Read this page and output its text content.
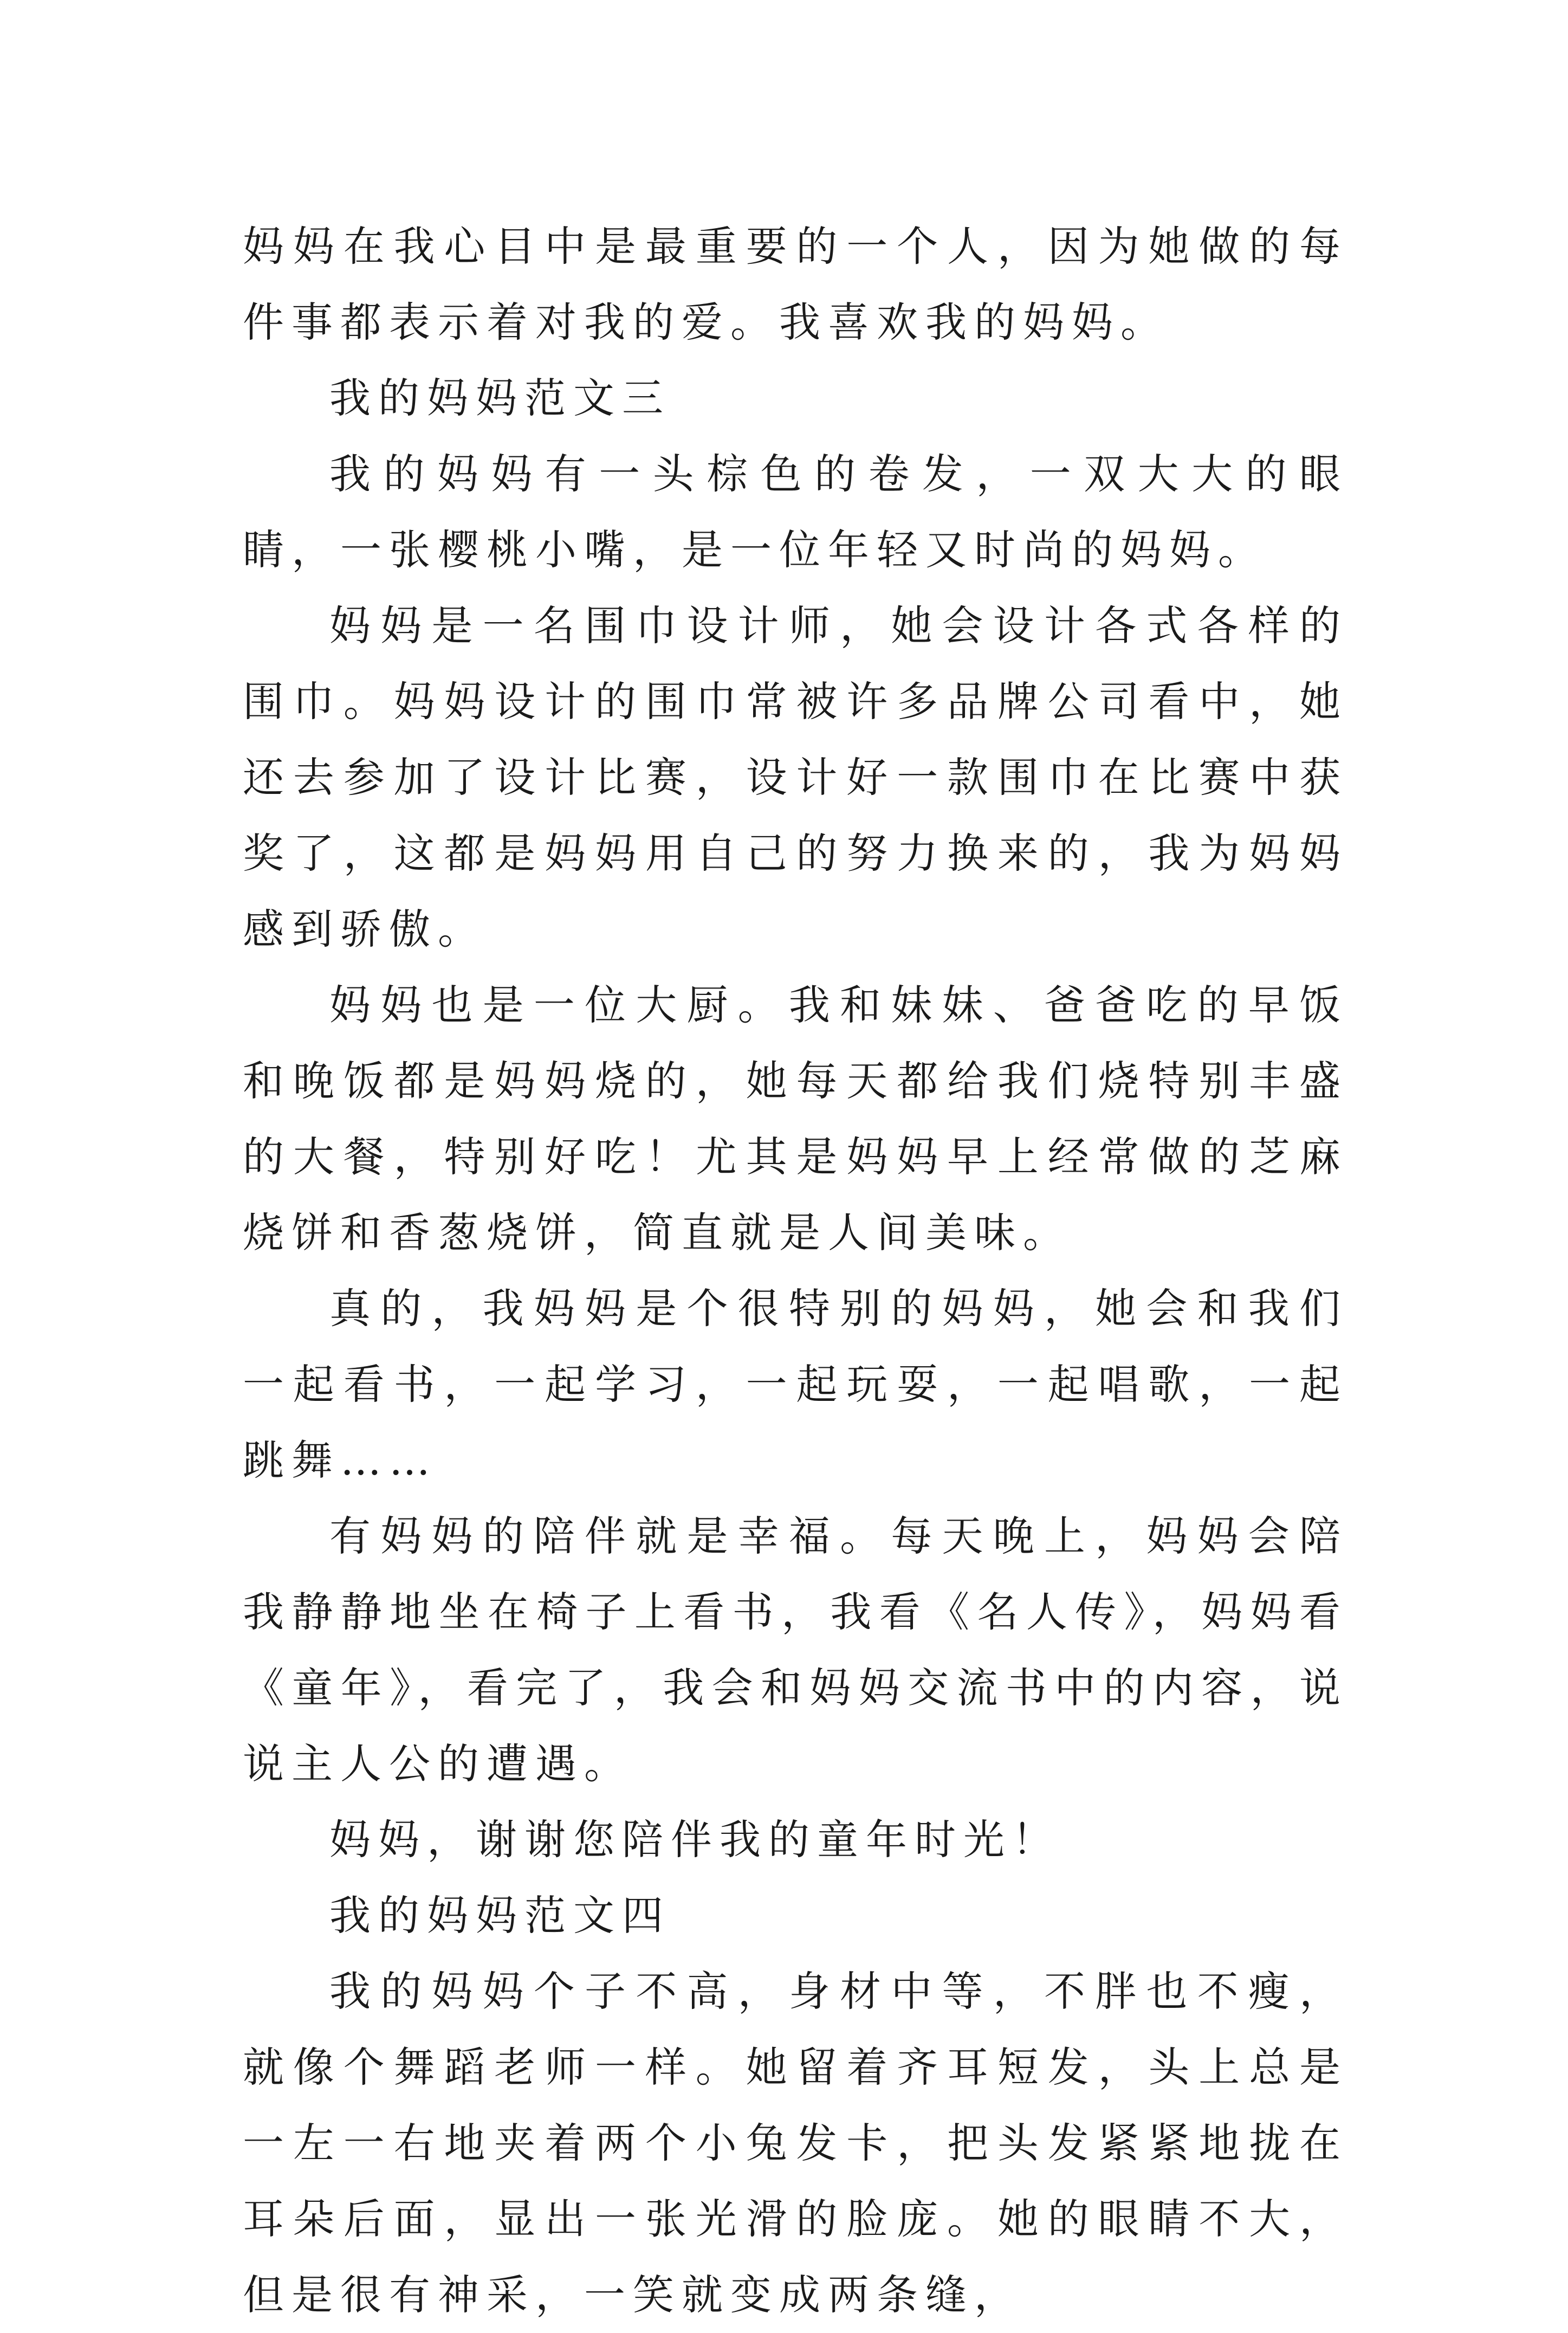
妈妈在我心目中是最重要的一个人，因为她做的每件事都表示着对我的爱。我喜欢我的妈妈。

我的妈妈范文三

我的妈妈有一头棕色的卷发，一双大大的眼睛，一张樱桃小嘴，是一位年轻又时尚的妈妈。

妈妈是一名围巾设计师，她会设计各式各样的围巾。妈妈设计的围巾常被许多品牌公司看中，她还去参加了设计比赛，设计好一款围巾在比赛中获奖了，这都是妈妈用自己的努力换来的，我为妈妈感到骄傲。

妈妈也是一位大厨。我和妹妹、爸爸吃的早饭和晚饭都是妈妈烧的，她每天都给我们烧特别丰盛的大餐，特别好吃！尤其是妈妈早上经常做的芝麻烧饼和香葱烧饼，简直就是人间美味。

真的，我妈妈是个很特别的妈妈，她会和我们一起看书，一起学习，一起玩耍，一起唱歌，一起跳舞……

有妈妈的陪伴就是幸福。每天晚上，妈妈会陪我静静地坐在椅子上看书，我看《名人传》，妈妈看《童年》，看完了，我会和妈妈交流书中的内容，说说主人公的遭遇。

妈妈，谢谢您陪伴我的童年时光！

我的妈妈范文四

我的妈妈个子不高，身材中等，不胖也不瘦，就像个舞蹈老师一样。她留着齐耳短发，头上总是一左一右地夹着两个小兔发卡，把头发紧紧地拢在耳朵后面，显出一张光滑的脸庞。她的眼睛不大，但是很有神采，一笑就变成两条缝，
